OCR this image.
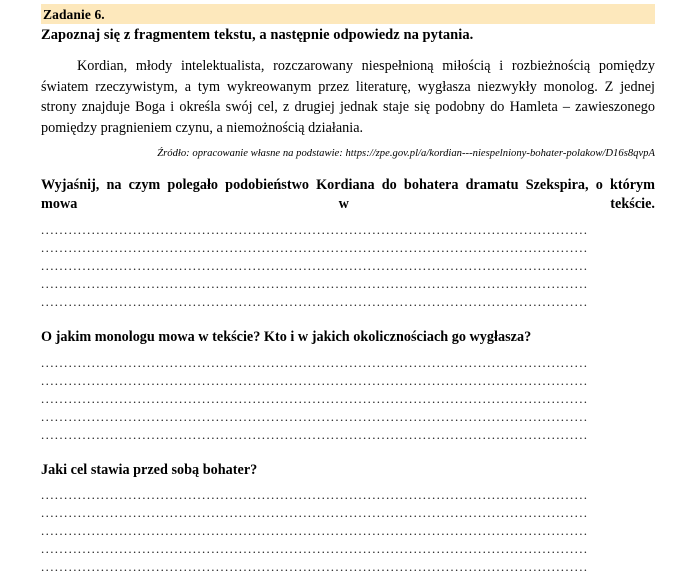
Zadanie 6.
Zapoznaj się z fragmentem tekstu, a następnie odpowiedz na pytania.
Kordian, młody intelektualista, rozczarowany niespełnioną miłością i rozbieżnością pomiędzy światem rzeczywistym, a tym wykreowanym przez literaturę, wygłasza niezwykły monolog. Z jednej strony znajduje Boga i określa swój cel, z drugiej jednak staje się podobny do Hamleta – zawieszonego pomiędzy pragnieniem czynu, a niemożnością działania.
Źródło: opracowanie własne na podstawie: https://zpe.gov.pl/a/kordian---niespelniony-bohater-polakow/D16s8qvpA
Wyjaśnij, na czym polegało podobieństwo Kordiana do bohatera dramatu Szekspira, o którym mowa w tekście.
.......................................................................................................................
.......................................................................................................................
.......................................................................................................................
.......................................................................................................................
.......................................................................................................................
O jakim monologu mowa w tekście? Kto i w jakich okolicznościach go wygłasza?
.......................................................................................................................
.......................................................................................................................
.......................................................................................................................
.......................................................................................................................
.......................................................................................................................
Jaki cel stawia przed sobą bohater?
.......................................................................................................................
.......................................................................................................................
.......................................................................................................................
.......................................................................................................................
.......................................................................................................................
